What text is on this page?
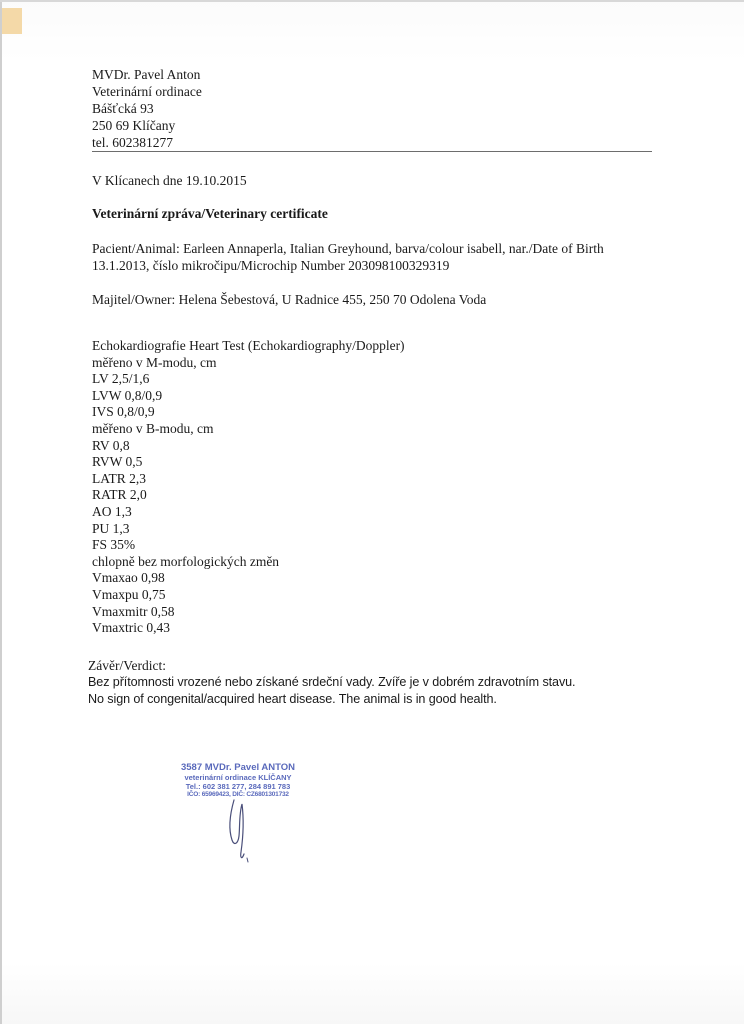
MVDr. Pavel Anton
Veterinární ordinace
Bášťcká 93
250 69 Klíčany
tel. 602381277
V Klícanech dne 19.10.2015
Veterinární zpráva/Veterinary certificate
Pacient/Animal: Earleen Annaperla, Italian Greyhound, barva/colour isabell, nar./Date of Birth
13.1.2013, číslo mikročipu/Microchip Number 203098100329319
Majitel/Owner: Helena Šebestová, U Radnice 455, 250 70 Odolena Voda
Echokardiografie Heart Test (Echokardiography/Doppler)
měřeno v M-modu, cm
LV 2,5/1,6
LVW 0,8/0,9
IVS 0,8/0,9
měřeno v B-modu, cm
RV 0,8
RVW 0,5
LATR 2,3
RATR 2,0
AO 1,3
PU 1,3
FS 35%
chlopně bez morfologických změn
Vmaxao 0,98
Vmaxpu 0,75
Vmaxmitr 0,58
Vmaxtric 0,43
Závěr/Verdict:
Bez přítomnosti vrozené nebo získané srdeční vady. Zvíře je v dobrém zdravotním stavu.
No sign of congenital/acquired heart disease. The animal is in good health.
3587 MVDr. Pavel ANTON
veterinární ordinace KLÍČANY
Tel.: 602 381 277, 284 891 783
IČO: 65969423, DIČ: CZ6801301732
